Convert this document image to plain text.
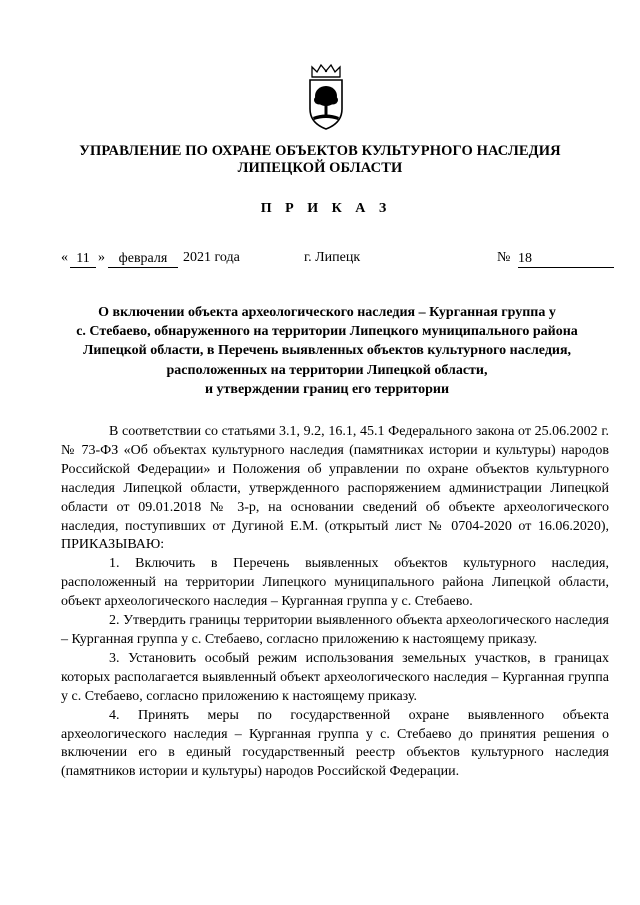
УПРАВЛЕНИЕ ПО ОХРАНЕ ОБЪЕКТОВ КУЛЬТУРНОГО НАСЛЕДИЯ
ЛИПЕЦКОЙ ОБЛАСТИ
П Р И К А З
« 11 » февраля	2021 года	г. Липецк	№ 18
О включении объекта археологического наследия – Курганная группа у
с. Стебаево, обнаруженного на территории Липецкого муниципального района
Липецкой области, в Перечень выявленных объектов культурного наследия,
расположенных на территории Липецкой области,
и утверждении границ его территории

В соответствии со статьями 3.1, 9.2, 16.1, 45.1 Федерального закона от 25.06.2002 г. № 73-ФЗ «Об объектах культурного наследия (памятниках истории и культуры) народов Российской Федерации» и Положения об управлении по охране объектов культурного наследия Липецкой области, утвержденного распоряжением администрации Липецкой области от 09.01.2018 № 3-р, на основании сведений об объекте археологического наследия, поступивших от Дугиной Е.М. (открытый лист № 0704-2020 от 16.06.2020), ПРИКАЗЫВАЮ:

1. Включить в Перечень выявленных объектов культурного наследия, расположенный на территории Липецкого муниципального района Липецкой области, объект археологического наследия – Курганная группа у с. Стебаево.

2. Утвердить границы территории выявленного объекта археологического наследия – Курганная группа у с. Стебаево, согласно приложению к настоящему приказу.

3. Установить особый режим использования земельных участков, в границах которых располагается выявленный объект археологического наследия – Курганная группа у с. Стебаево, согласно приложению к настоящему приказу.

4. Принять меры по государственной охране выявленного объекта археологического наследия – Курганная группа у с. Стебаево до принятия решения о включении его в единый государственный реестр объектов культурного наследия (памятников истории и культуры) народов Российской Федерации.
